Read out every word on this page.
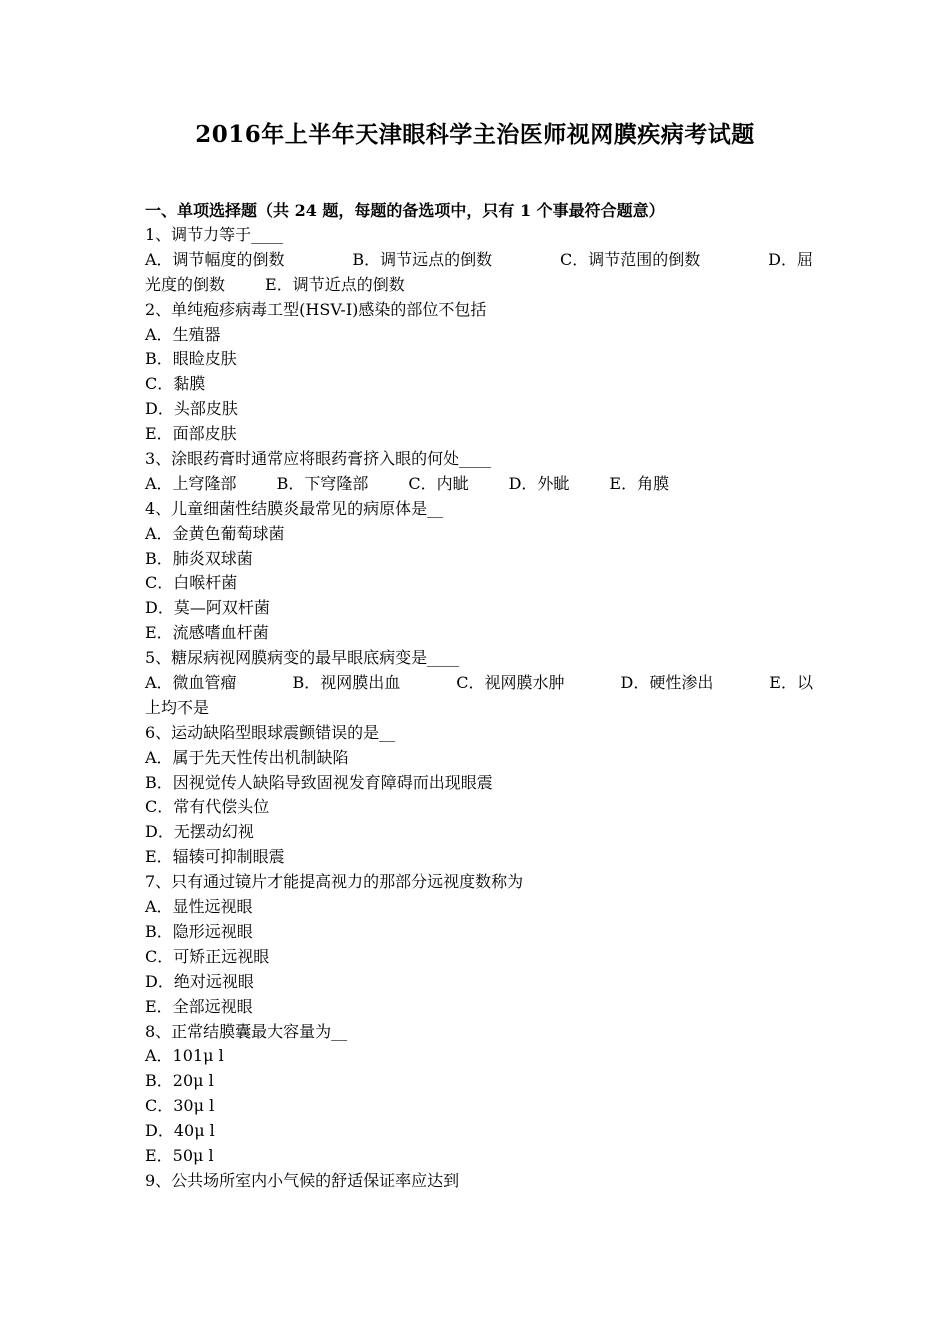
2016年上半年天津眼科学主治医师视网膜疾病考试题
一、单项选择题（共 24 题，每题的备选项中，只有 1 个事最符合题意）
1、调节力等于____
A．调节幅度的倒数	B．调节远点的倒数	C．调节范围的倒数	D．屈
光度的倒数	E．调节近点的倒数
2、单纯疱疹病毒工型(HSV-I)感染的部位不包括
A．生殖器
B．眼睑皮肤
C．黏膜
D．头部皮肤
E．面部皮肤
3、涂眼药膏时通常应将眼药膏挤入眼的何处____
A．上穹隆部	B．下穹隆部	C．内眦	D．外眦	E．角膜
4、儿童细菌性结膜炎最常见的病原体是__
A．金黄色葡萄球菌
B．肺炎双球菌
C．白喉杆菌
D．莫—阿双杆菌
E．流感嗜血杆菌
5、糖尿病视网膜病变的最早眼底病变是____
A．微血管瘤	B．视网膜出血	C．视网膜水肿	D．硬性渗出	E．以
上均不是
6、运动缺陷型眼球震颤错误的是__
A．属于先天性传出机制缺陷
B．因视觉传人缺陷导致固视发育障碍而出现眼震
C．常有代偿头位
D．无摆动幻视
E．辐辏可抑制眼震
7、只有通过镜片才能提高视力的那部分远视度数称为
A．显性远视眼
B．隐形远视眼
C．可矫正远视眼
D．绝对远视眼
E．全部远视眼
8、正常结膜囊最大容量为__
A．101μ l
B．20μ l
C．30μ l
D．40μ l
E．50μ l
9、公共场所室内小气候的舒适保证率应达到
